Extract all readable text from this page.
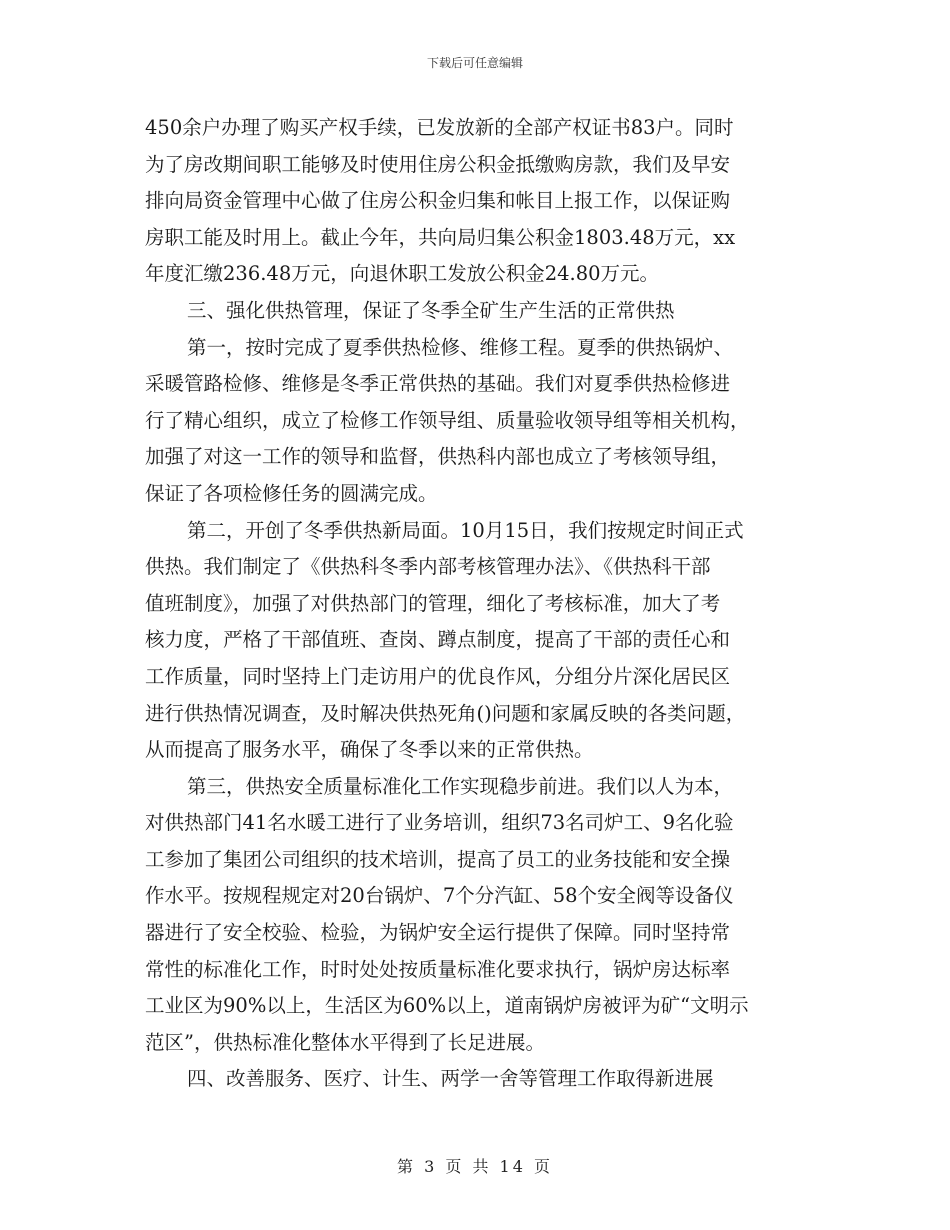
下载后可任意编辑
450余户办理了购买产权手续，已发放新的全部产权证书83户。同时
为了房改期间职工能够及时使用住房公积金抵缴购房款，我们及早安
排向局资金管理中心做了住房公积金归集和帐目上报工作，以保证购
房职工能及时用上。截止今年，共向局归集公积金1803.48万元，xx
年度汇缴236.48万元，向退休职工发放公积金24.80万元。
三、强化供热管理，保证了冬季全矿生产生活的正常供热
第一，按时完成了夏季供热检修、维修工程。夏季的供热锅炉、
采暖管路检修、维修是冬季正常供热的基础。我们对夏季供热检修进
行了精心组织，成立了检修工作领导组、质量验收领导组等相关机构，
加强了对这一工作的领导和监督，供热科内部也成立了考核领导组，
保证了各项检修任务的圆满完成。
第二，开创了冬季供热新局面。10月15日，我们按规定时间正式
供热。我们制定了《供热科冬季内部考核管理办法》、《供热科干部
值班制度》，加强了对供热部门的管理，细化了考核标准，加大了考
核力度，严格了干部值班、查岗、蹲点制度，提高了干部的责任心和
工作质量，同时坚持上门走访用户的优良作风，分组分片深化居民区
进行供热情况调查，及时解决供热死角()问题和家属反映的各类问题，
从而提高了服务水平，确保了冬季以来的正常供热。
第三，供热安全质量标准化工作实现稳步前进。我们以人为本，
对供热部门41名水暖工进行了业务培训，组织73名司炉工、9名化验
工参加了集团公司组织的技术培训，提高了员工的业务技能和安全操
作水平。按规程规定对20台锅炉、7个分汽缸、58个安全阀等设备仪
器进行了安全校验、检验，为锅炉安全运行提供了保障。同时坚持常
常性的标准化工作，时时处处按质量标准化要求执行，锅炉房达标率
工业区为90%以上，生活区为60%以上，道南锅炉房被评为矿“文明示
范区”，供热标准化整体水平得到了长足进展。
四、改善服务、医疗、计生、两学一舍等管理工作取得新进展
第 3 页 共 14 页
